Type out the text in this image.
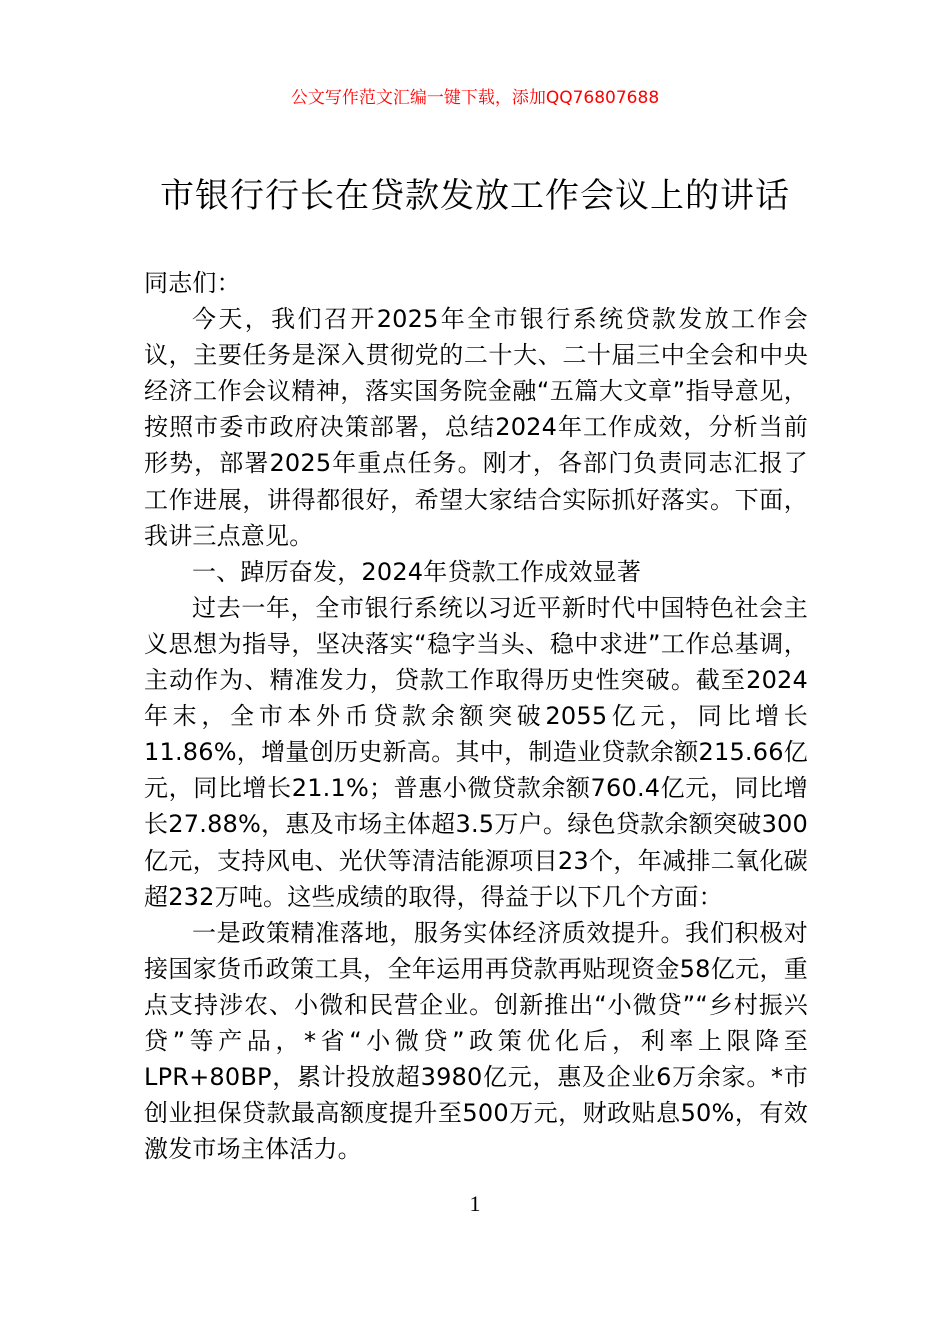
公文写作范文汇编一键下载，添加QQ76807688
市银行行长在贷款发放工作会议上的讲话

同志们：

今天，我们召开2025年全市银行系统贷款发放工作会议，主要任务是深入贯彻党的二十大、二十届三中全会和中央经济工作会议精神，落实国务院金融“五篇大文章”指导意见，按照市委市政府决策部署，总结2024年工作成效，分析当前形势，部署2025年重点任务。刚才，各部门负责同志汇报了工作进展，讲得都很好，希望大家结合实际抓好落实。下面，我讲三点意见。

一、踔厉奋发，2024年贷款工作成效显著

过去一年，全市银行系统以习近平新时代中国特色社会主义思想为指导，坚决落实“稳字当头、稳中求进”工作总基调，主动作为、精准发力，贷款工作取得历史性突破。截至2024年末，全市本外币贷款余额突破2055亿元，同比增长11.86%，增量创历史新高。其中，制造业贷款余额215.66亿元，同比增长21.1%；普惠小微贷款余额760.4亿元，同比增长27.88%，惠及市场主体超3.5万户。绿色贷款余额突破300亿元，支持风电、光伏等清洁能源项目23个，年减排二氧化碳超232万吨。这些成绩的取得，得益于以下几个方面：

一是政策精准落地，服务实体经济质效提升。我们积极对接国家货币政策工具，全年运用再贷款再贴现资金58亿元，重点支持涉农、小微和民营企业。创新推出“小微贷”“乡村振兴贷”等产品，*省“小微贷”政策优化后，利率上限降至LPR+80BP，累计投放超3980亿元，惠及企业6万余家。*市创业担保贷款最高额度提升至500万元，财政贴息50%，有效激发市场主体活力。

1
